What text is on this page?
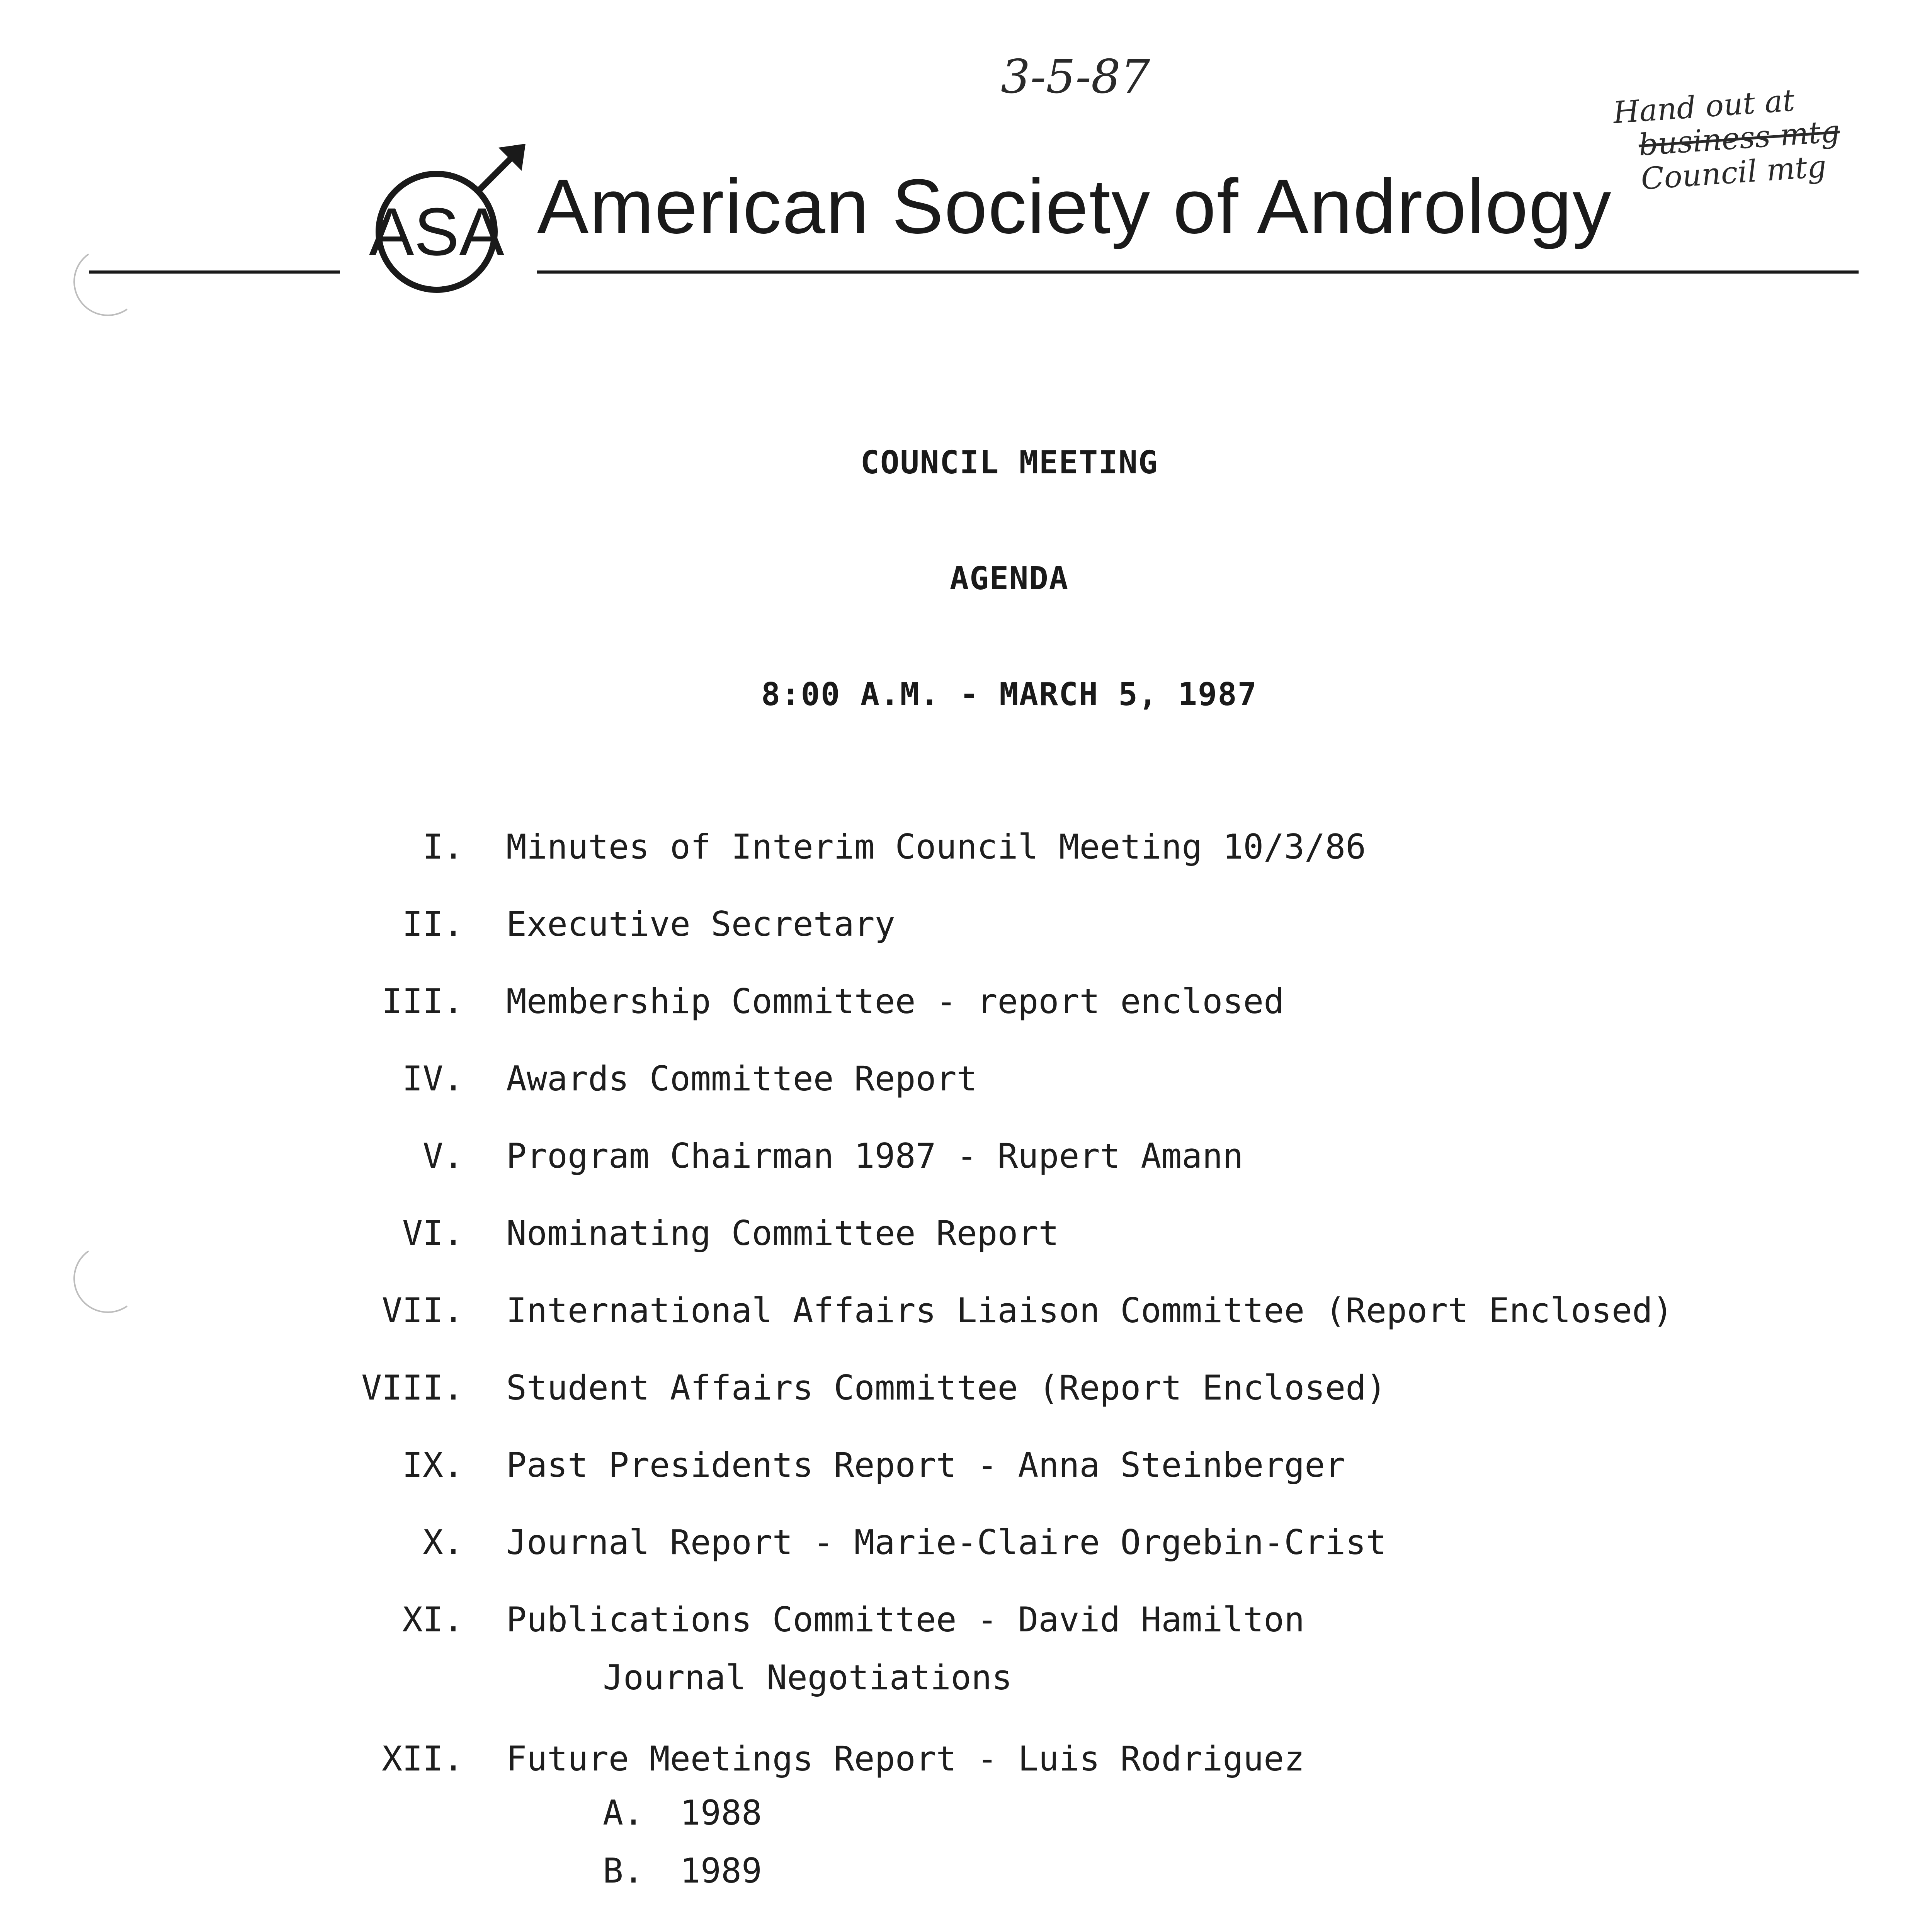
3-5-87
Hand out at
business mtg
Council mtg
ASA American Society of Andrology
COUNCIL MEETING
AGENDA
8:00 A.M. - MARCH 5, 1987
I. Minutes of Interim Council Meeting 10/3/86
II. Executive Secretary
III. Membership Committee - report enclosed
IV. Awards Committee Report
V. Program Chairman 1987 - Rupert Amann
VI. Nominating Committee Report
VII. International Affairs Liaison Committee (Report Enclosed)
VIII. Student Affairs Committee (Report Enclosed)
IX. Past Presidents Report - Anna Steinberger
X. Journal Report - Marie-Claire Orgebin-Crist
XI. Publications Committee - David Hamilton
Journal Negotiations
XII. Future Meetings Report - Luis Rodriguez
A. 1988
B. 1989
